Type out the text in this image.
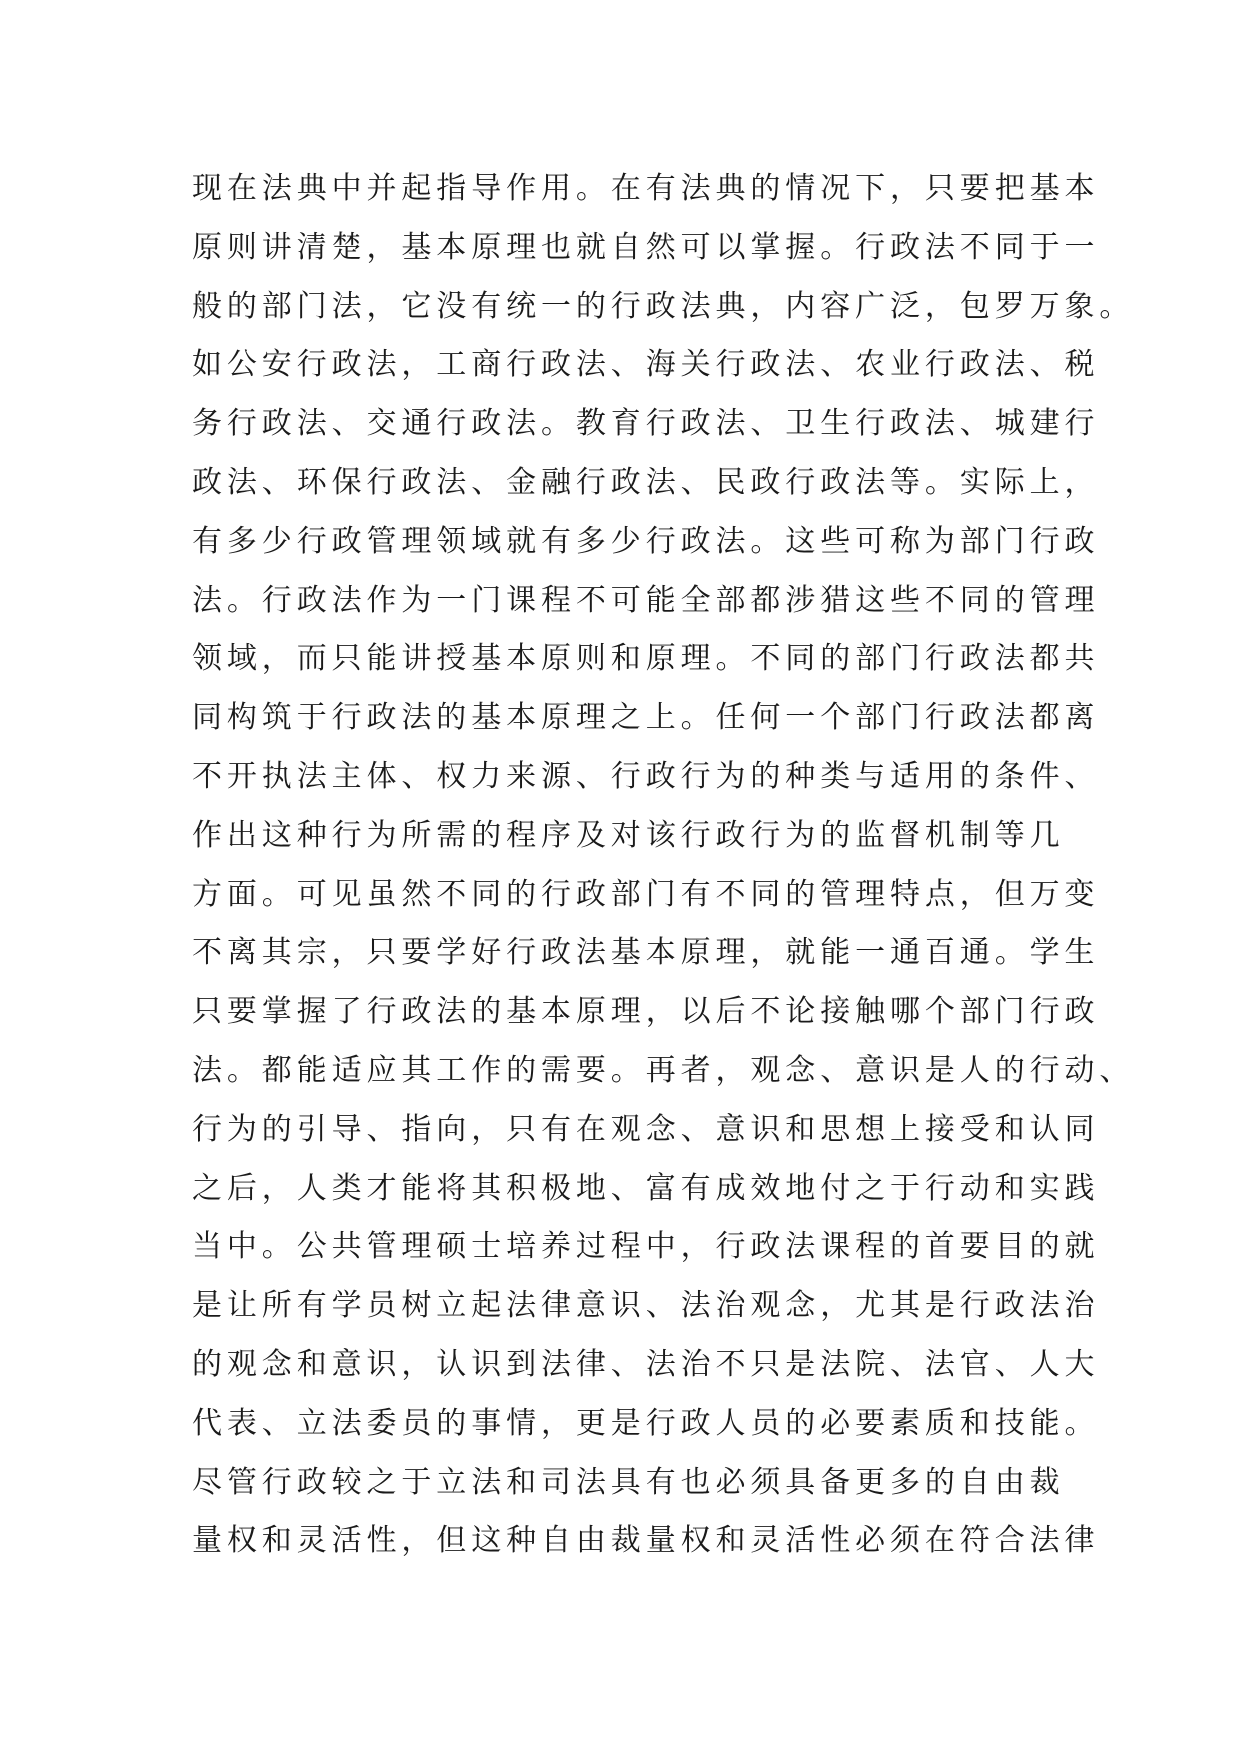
现在法典中并起指导作用。在有法典的情况下，只要把基本
原则讲清楚，基本原理也就自然可以掌握。行政法不同于一
般的部门法，它没有统一的行政法典，内容广泛，包罗万象。
如公安行政法，工商行政法、海关行政法、农业行政法、税
务行政法、交通行政法。教育行政法、卫生行政法、城建行
政法、环保行政法、金融行政法、民政行政法等。实际上，
有多少行政管理领域就有多少行政法。这些可称为部门行政
法。行政法作为一门课程不可能全部都涉猎这些不同的管理
领域，而只能讲授基本原则和原理。不同的部门行政法都共
同构筑于行政法的基本原理之上。任何一个部门行政法都离
不开执法主体、权力来源、行政行为的种类与适用的条件、
作出这种行为所需的程序及对该行政行为的监督机制等几
方面。可见虽然不同的行政部门有不同的管理特点，但万变
不离其宗，只要学好行政法基本原理，就能一通百通。学生
只要掌握了行政法的基本原理，以后不论接触哪个部门行政
法。都能适应其工作的需要。再者，观念、意识是人的行动、
行为的引导、指向，只有在观念、意识和思想上接受和认同
之后，人类才能将其积极地、富有成效地付之于行动和实践
当中。公共管理硕士培养过程中，行政法课程的首要目的就
是让所有学员树立起法律意识、法治观念，尤其是行政法治
的观念和意识，认识到法律、法治不只是法院、法官、人大
代表、立法委员的事情，更是行政人员的必要素质和技能。
尽管行政较之于立法和司法具有也必须具备更多的自由裁
量权和灵活性，但这种自由裁量权和灵活性必须在符合法律
